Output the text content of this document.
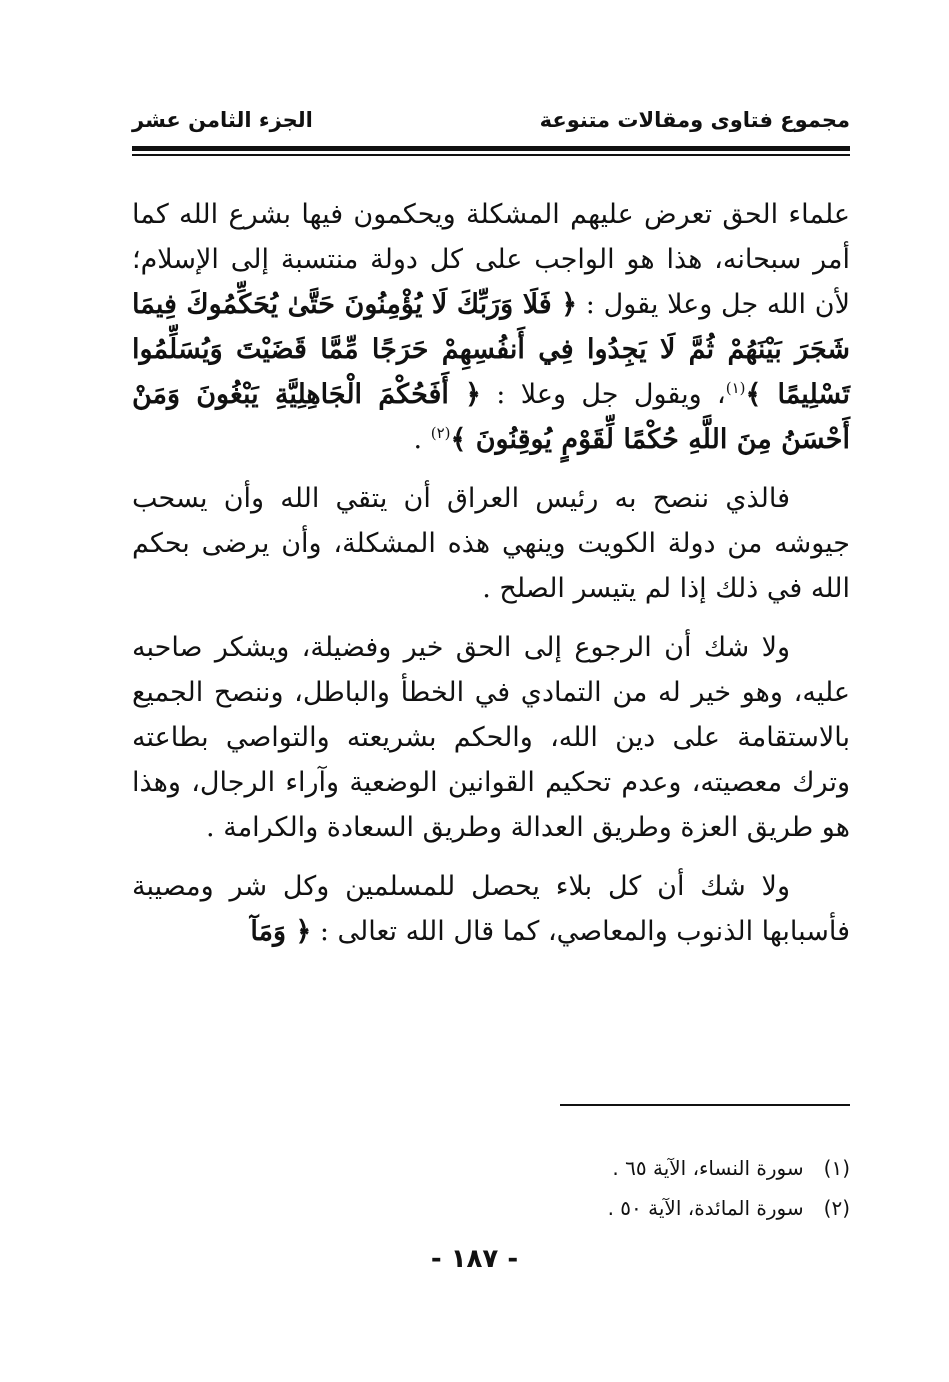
مجموع فتاوى ومقالات متنوعة
الجزء الثامن عشر

علماء الحق تعرض عليهم المشكلة ويحكمون فيها بشرع الله كما أمر سبحانه، هذا هو الواجب على كل دولة منتسبة إلى الإسلام؛ لأن الله جل وعلا يقول : ﴿ فَلَا وَرَبِّكَ لَا يُؤْمِنُونَ حَتَّىٰ يُحَكِّمُوكَ فِيمَا شَجَرَ بَيْنَهُمْ ثُمَّ لَا يَجِدُوا فِي أَنفُسِهِمْ حَرَجًا مِّمَّا قَضَيْتَ وَيُسَلِّمُوا تَسْلِيمًا ﴾$^{(١)}$، ويقول جل وعلا : ﴿ أَفَحُكْمَ الْجَاهِلِيَّةِ يَبْغُونَ وَمَنْ أَحْسَنُ مِنَ اللَّهِ حُكْمًا لِّقَوْمٍ يُوقِنُونَ ﴾$^{(٢)}$ .

فالذي ننصح به رئيس العراق أن يتقي الله وأن يسحب جيوشه من دولة الكويت وينهي هذه المشكلة، وأن يرضى بحكم الله في ذلك إذا لم يتيسر الصلح .

ولا شك أن الرجوع إلى الحق خير وفضيلة، ويشكر صاحبه عليه، وهو خير له من التمادي في الخطأ والباطل، وننصح الجميع بالاستقامة على دين الله، والحكم بشريعته والتواصي بطاعته وترك معصيته، وعدم تحكيم القوانين الوضعية وآراء الرجال، وهذا هو طريق العزة وطريق العدالة وطريق السعادة والكرامة .

ولا شك أن كل بلاء يحصل للمسلمين وكل شر ومصيبة فأسبابها الذنوب والمعاصي، كما قال الله تعالى : ﴿ وَمَآ

(١) سورة النساء، الآية ٦٥ .
(٢) سورة المائدة، الآية ٥٠ .
- ١٨٧ -
